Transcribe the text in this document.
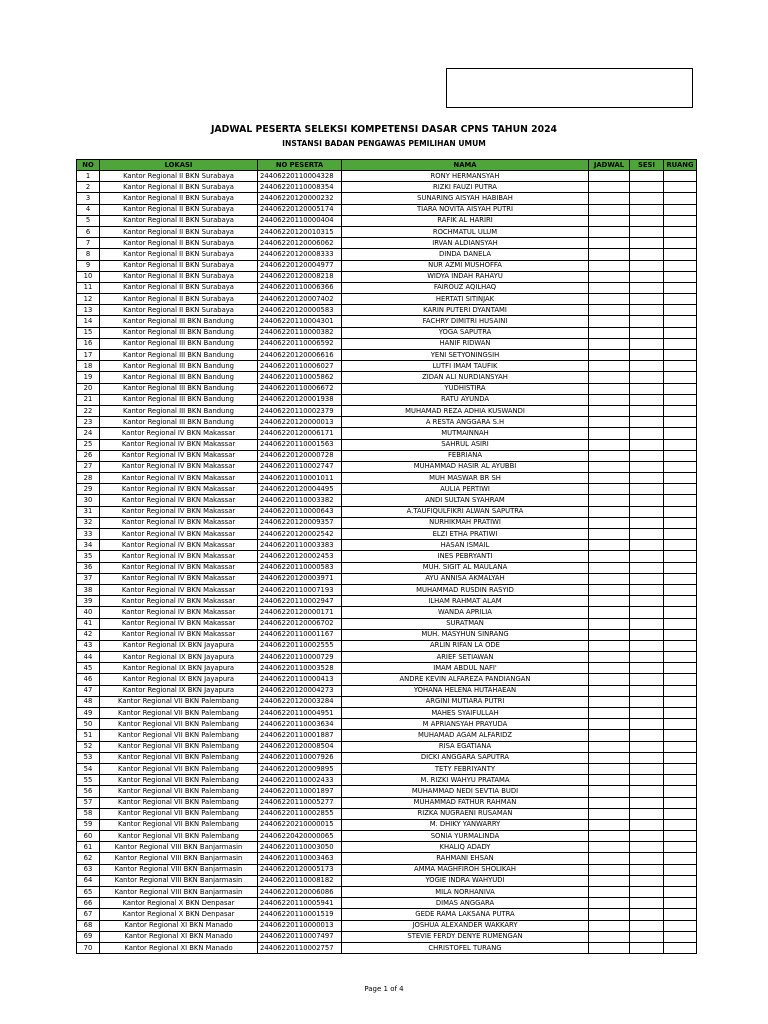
JADWAL PESERTA SELEKSI KOMPETENSI DASAR CPNS TAHUN 2024
INSTANSI BADAN PENGAWAS PEMILIHAN UMUM
NO	LOKASI	NO PESERTA	NAMA	JADWAL	SESI	RUANG	
1	Kantor Regional II BKN Surabaya	24406220110004328	RONY HERMANSYAH				
2	Kantor Regional II BKN Surabaya	24406220110008354	RIZKI FAUZI PUTRA				
3	Kantor Regional II BKN Surabaya	24406220120000232	SUNARING AISYAH HABIBAH				
4	Kantor Regional II BKN Surabaya	24406220120005174	TIARA NOVITA AISYAH PUTRI				
5	Kantor Regional II BKN Surabaya	24406220110000404	RAFIK AL HARIRI				
6	Kantor Regional II BKN Surabaya	24406220120010315	ROCHMATUL ULUM				
7	Kantor Regional II BKN Surabaya	24406220120006062	IRVAN ALDIANSYAH				
8	Kantor Regional II BKN Surabaya	24406220120008333	DINDA DANELA				
9	Kantor Regional II BKN Surabaya	24406220120004977	NUR AZMI MUSHOFFA				
10	Kantor Regional II BKN Surabaya	24406220120008218	WIDYA INDAH RAHAYU				
11	Kantor Regional II BKN Surabaya	24406220110006366	FAIROUZ AQILHAQ				
12	Kantor Regional II BKN Surabaya	24406220120007402	HERTATI SITINJAK				
13	Kantor Regional II BKN Surabaya	24406220120000583	KARIN PUTERI DYANTAMI				
14	Kantor Regional III BKN Bandung	24406220110004301	FACHRY DIMITRI HUSAINI				
15	Kantor Regional III BKN Bandung	24406220110000382	YOGA SAPUTRA				
16	Kantor Regional III BKN Bandung	24406220110006592	HANIF RIDWAN				
17	Kantor Regional III BKN Bandung	24406220120006616	YENI SETYONINGSIH				
18	Kantor Regional III BKN Bandung	24406220110006027	LUTFI IMAM TAUFIK				
19	Kantor Regional III BKN Bandung	24406220110005862	ZIDAN ALI NURDIANSYAH				
20	Kantor Regional III BKN Bandung	24406220110006672	YUDHISTIRA				
21	Kantor Regional III BKN Bandung	24406220120001938	RATU AYUNDA				
22	Kantor Regional III BKN Bandung	24406220110002379	MUHAMAD REZA ADHIA KUSWANDI				
23	Kantor Regional III BKN Bandung	24406220120000013	A RESTA ANGGARA S.H				
24	Kantor Regional IV BKN Makassar	24406220120006171	MUTMAINNAH				
25	Kantor Regional IV BKN Makassar	24406220110001563	SAHRUL ASIRI				
26	Kantor Regional IV BKN Makassar	24406220120000728	FEBRIANA				
27	Kantor Regional IV BKN Makassar	24406220110002747	MUHAMMAD HASIR AL AYUBBI				
28	Kantor Regional IV BKN Makassar	24406220110001011	MUH MASWAR BR SH				
29	Kantor Regional IV BKN Makassar	24406220120004495	AULIA PERTIWI				
30	Kantor Regional IV BKN Makassar	24406220110003382	ANDI SULTAN SYAHRAM				
31	Kantor Regional IV BKN Makassar	24406220110000643	A.TAUFIQULFIKRI ALWAN SAPUTRA				
32	Kantor Regional IV BKN Makassar	24406220120009357	NURHIKMAH PRATIWI				
33	Kantor Regional IV BKN Makassar	24406220120002542	ELZI ETHA PRATIWI				
34	Kantor Regional IV BKN Makassar	24406220110003383	HASAN ISMAIL				
35	Kantor Regional IV BKN Makassar	24406220120002453	INES PEBRYANTI				
36	Kantor Regional IV BKN Makassar	24406220110000583	MUH. SIGIT AL MAULANA				
37	Kantor Regional IV BKN Makassar	24406220120003971	AYU ANNISA AKMALYAH				
38	Kantor Regional IV BKN Makassar	24406220110007193	MUHAMMAD RUSDIN RASYID				
39	Kantor Regional IV BKN Makassar	24406220110002947	ILHAM RAHMAT ALAM				
40	Kantor Regional IV BKN Makassar	24406220120000171	WANDA APRILIA				
41	Kantor Regional IV BKN Makassar	24406220120006702	SURATMAN				
42	Kantor Regional IV BKN Makassar	24406220110001167	MUH. MASYHUN SINRANG				
43	Kantor Regional IX BKN Jayapura	24406220110002555	ARLIN RIFAN LA ODE				
44	Kantor Regional IX BKN Jayapura	24406220110000729	ARIEF SETIAWAN				
45	Kantor Regional IX BKN Jayapura	24406220110003528	IMAM ABDUL NAFI'				
46	Kantor Regional IX BKN Jayapura	24406220110000413	ANDRE KEVIN ALFAREZA PANDIANGAN				
47	Kantor Regional IX BKN Jayapura	24406220120004273	YOHANA HELENA HUTAHAEAN				
48	Kantor Regional VII BKN Palembang	24406220120003284	ARGINI MUTIARA PUTRI				
49	Kantor Regional VII BKN Palembang	24406220110004951	MAHES SYAIFULLAH				
50	Kantor Regional VII BKN Palembang	24406220110003634	M APRIANSYAH PRAYUDA				
51	Kantor Regional VII BKN Palembang	24406220110001887	MUHAMAD AGAM ALFARIDZ				
52	Kantor Regional VII BKN Palembang	24406220120008504	RISA EGATIANA				
53	Kantor Regional VII BKN Palembang	24406220110007926	DICKI ANGGARA SAPUTRA				
54	Kantor Regional VII BKN Palembang	24406220120009895	TETY FEBRIYANTY				
55	Kantor Regional VII BKN Palembang	24406220110002433	M. RIZKI WAHYU PRATAMA				
56	Kantor Regional VII BKN Palembang	24406220110001897	MUHAMMAD NEDI SEVTIA BUDI				
57	Kantor Regional VII BKN Palembang	24406220110005277	MUHAMMAD FATHUR RAHMAN				
58	Kantor Regional VII BKN Palembang	24406220110002855	RIZKA NUGRAENI RUSAMAN				
59	Kantor Regional VII BKN Palembang	24406220210000015	M. DHIKY YANWARRY				
60	Kantor Regional VII BKN Palembang	24406220420000065	SONIA YURMALINDA				
61	Kantor Regional VIII BKN Banjarmasin	24406220110003050	KHALIQ ADADY				
62	Kantor Regional VIII BKN Banjarmasin	24406220110003463	RAHMANI EHSAN				
63	Kantor Regional VIII BKN Banjarmasin	24406220120005173	AMMA MAGHFIROH SHOLIKAH				
64	Kantor Regional VIII BKN Banjarmasin	24406220110008182	YOGIE INDRA WAHYUDI				
65	Kantor Regional VIII BKN Banjarmasin	24406220120006086	MILA NORHANIVA				
66	Kantor Regional X BKN Denpasar	24406220110005941	DIMAS ANGGARA				
67	Kantor Regional X BKN Denpasar	24406220110001519	GEDE RAMA LAKSANA PUTRA				
68	Kantor Regional XI BKN Manado	24406220110000013	JOSHUA ALEXANDER WAKKARY				
69	Kantor Regional XI BKN Manado	24406220110007497	STEVIE FERDY DENYE RUMENGAN				
70	Kantor Regional XI BKN Manado	24406220110002757	CHRISTOFEL TURANG				
Page 1 of 4
